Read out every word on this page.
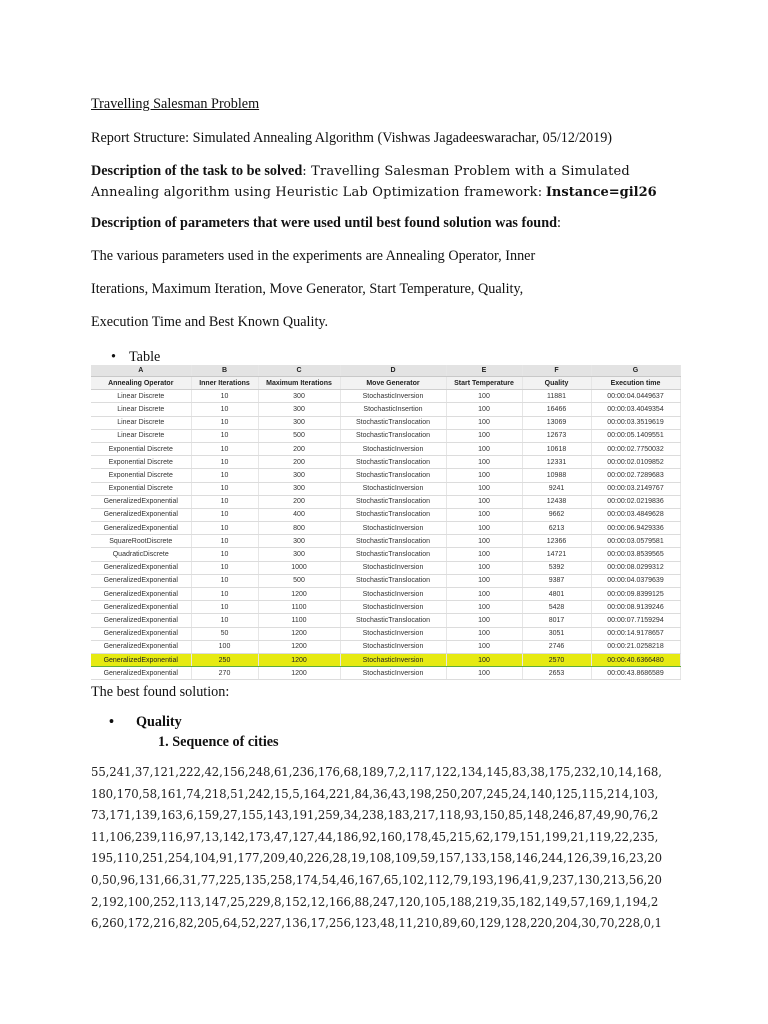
Travelling Salesman Problem
Report Structure: Simulated Annealing Algorithm (Vishwas Jagadeeswarachar, 05/12/2019)
Description of the task to be solved: Travelling Salesman Problem with a Simulated
Annealing algorithm using Heuristic Lab Optimization framework: Instance=gil26
Description of parameters that were used until best found solution was found:
The various parameters used in the experiments are Annealing Operator, Inner
Iterations, Maximum Iteration, Move Generator, Start Temperature, Quality,
Execution Time and Best Known Quality.
• Table
A	B	C	D	E	F	G
Annealing Operator	Inner Iterations	Maximum Iterations	Move Generator	Start Temperature	Quality	Execution time
Linear Discrete	10	300	StochasticInversion	100	11881	00:00:04.0449637
Linear Discrete	10	300	StochasticInsertion	100	16466	00:00:03.4049354
Linear Discrete	10	300	StochasticTranslocation	100	13069	00:00:03.3519619
Linear Discrete	10	500	StochasticTranslocation	100	12673	00:00:05.1409551
Exponential Discrete	10	200	StochasticInversion	100	10618	00:00:02.7750032
Exponential Discrete	10	200	StochasticTranslocation	100	12331	00:00:02.0109852
Exponential Discrete	10	300	StochasticTranslocation	100	10988	00:00:02.7289683
Exponential Discrete	10	300	StochasticInversion	100	9241	00:00:03.2149767
GeneralizedExponential	10	200	StochasticTranslocation	100	12438	00:00:02.0219836
GeneralizedExponential	10	400	StochasticTranslocation	100	9662	00:00:03.4849628
GeneralizedExponential	10	800	StochasticInversion	100	6213	00:00:06.9429336
SquareRootDiscrete	10	300	StochasticTranslocation	100	12366	00:00:03.0579581
QuadraticDiscrete	10	300	StochasticTranslocation	100	14721	00:00:03.8539565
GeneralizedExponential	10	1000	StochasticInversion	100	5392	00:00:08.0299312
GeneralizedExponential	10	500	StochasticTranslocation	100	9387	00:00:04.0379639
GeneralizedExponential	10	1200	StochasticInversion	100	4801	00:00:09.8399125
GeneralizedExponential	10	1100	StochasticInversion	100	5428	00:00:08.9139246
GeneralizedExponential	10	1100	StochasticTranslocation	100	8017	00:00:07.7159294
GeneralizedExponential	50	1200	StochasticInversion	100	3051	00:00:14.9178657
GeneralizedExponential	100	1200	StochasticInversion	100	2746	00:00:21.0258218
GeneralizedExponential	250	1200	StochasticInversion	100	2570	00:00:40.6366480
GeneralizedExponential	270	1200	StochasticInversion	100	2653	00:00:43.8686589
The best found solution:
• Quality
1. Sequence of cities
55,241,37,121,222,42,156,248,61,236,176,68,189,7,2,117,122,134,145,83,38,175,232,10,14,168,
180,170,58,161,74,218,51,242,15,5,164,221,84,36,43,198,250,207,245,24,140,125,115,214,103,
73,171,139,163,6,159,27,155,143,191,259,34,238,183,217,118,93,150,85,148,246,87,49,90,76,2
11,106,239,116,97,13,142,173,47,127,44,186,92,160,178,45,215,62,179,151,199,21,119,22,235,
195,110,251,254,104,91,177,209,40,226,28,19,108,109,59,157,133,158,146,244,126,39,16,23,20
0,50,96,131,66,31,77,225,135,258,174,54,46,167,65,102,112,79,193,196,41,9,237,130,213,56,20
2,192,100,252,113,147,25,229,8,152,12,166,88,247,120,105,188,219,35,182,149,57,169,1,194,2
6,260,172,216,82,205,64,52,227,136,17,256,123,48,11,210,89,60,129,128,220,204,30,70,228,0,1
